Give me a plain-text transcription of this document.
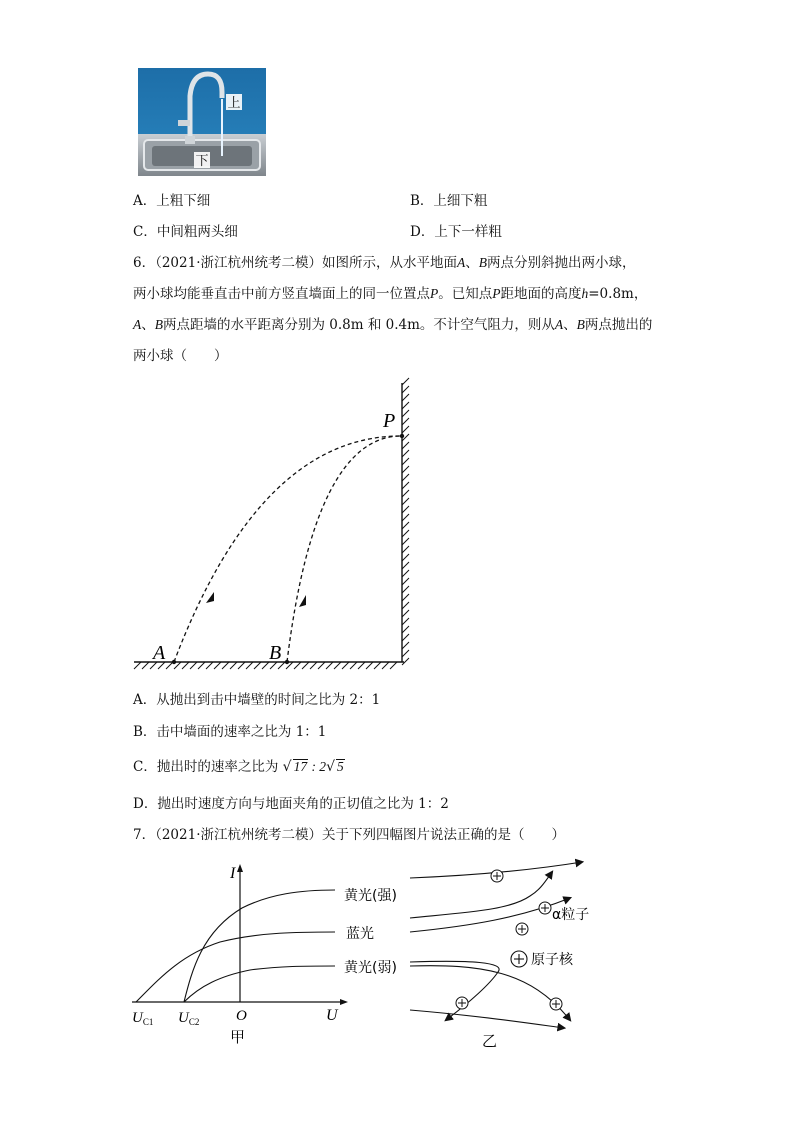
上
下
A．上粗下细	B．上细下粗
C．中间粗两头细	D．上下一样粗
6．（2021·浙江杭州统考二模）如图所示，从水平地面A、B两点分别斜抛出两小球，
两小球均能垂直击中前方竖直墙面上的同一位置点P。已知点P距地面的高度h=0.8m，
A、B两点距墙的水平距离分别为 0.8m 和 0.4m。不计空气阻力，则从A、B两点抛出的
两小球（　　）
P
A	B
A．从抛出到击中墙壁的时间之比为 2：1
B．击中墙面的速率之比为 1：1
C．抛出时的速率之比为 √ 17 : 2√ 5
D．抛出时速度方向与地面夹角的正切值之比为 1：2
7．（2021·浙江杭州统考二模）关于下列四幅图片说法正确的是（　　）
I
U
O
$U_{C1}$ $U_{C2}$
黄光(强)
蓝光
黄光(弱)
甲
α粒子
原子核
乙
